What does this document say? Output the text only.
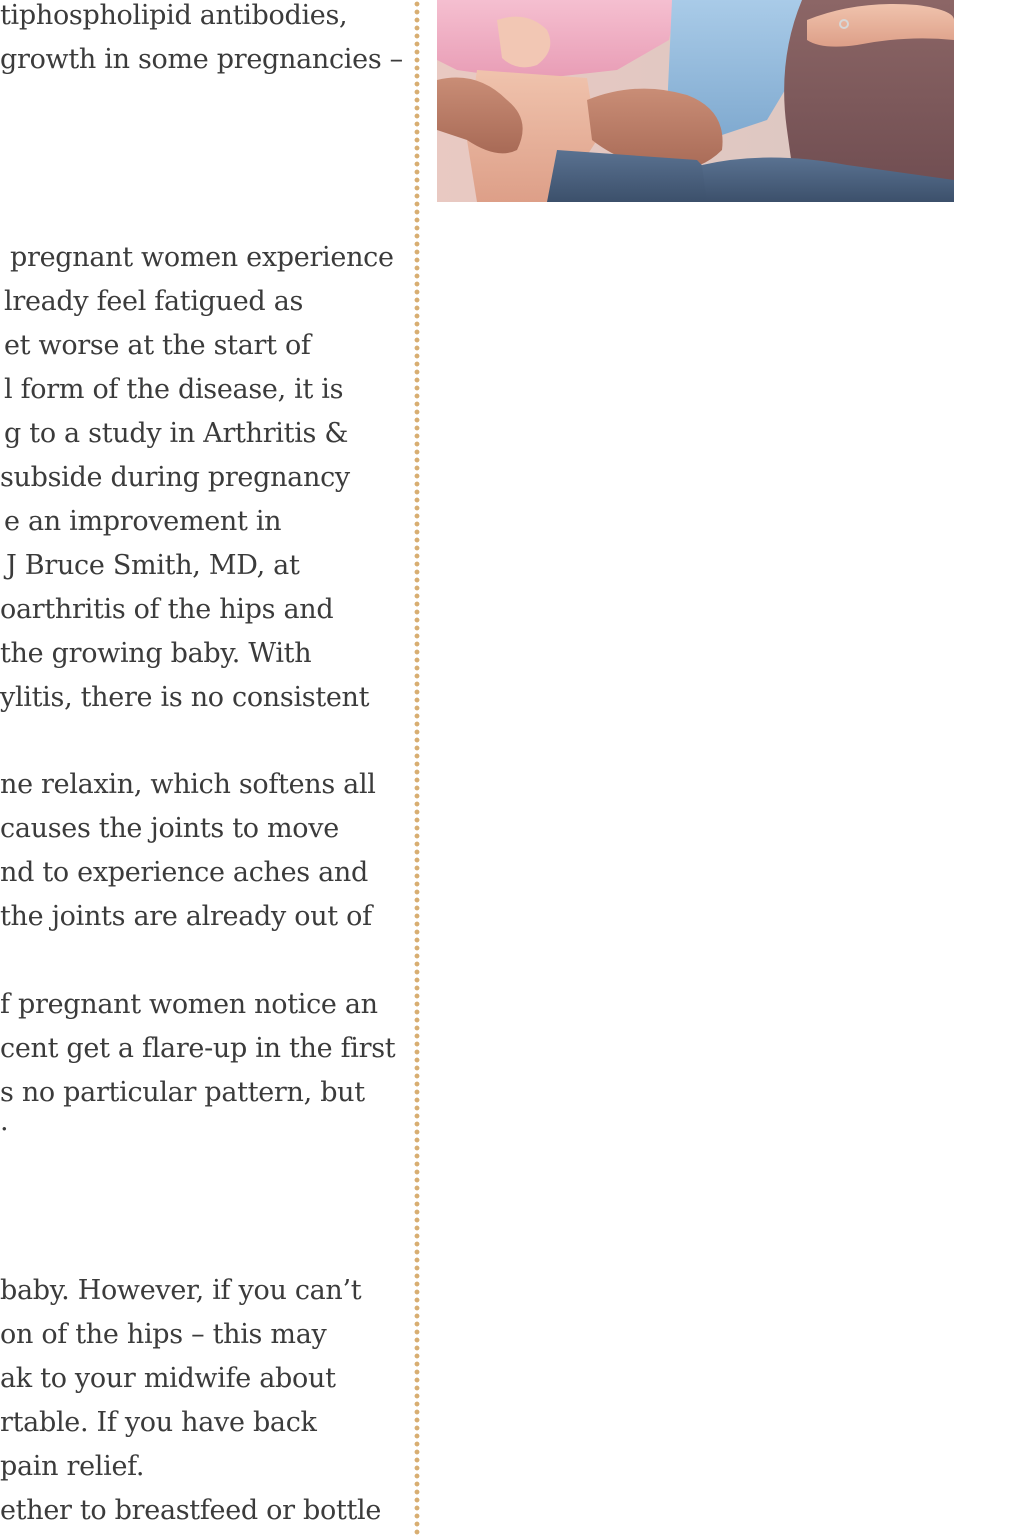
tiphospholipid antibodies,
growth in some pregnancies –
pregnant women experience
lready feel fatigued as
et worse at the start of
l form of the disease, it is
g to a study in Arthritis &
subside during pregnancy
e an improvement in
J Bruce Smith, MD, at
oarthritis of the hips and
the growing baby. With
ylitis, there is no consistent
ne relaxin, which softens all
causes the joints to move
nd to experience aches and
the joints are already out of
f pregnant women notice an
cent get a flare-up in the first
s no particular pattern, but
.
baby. However, if you can’t
on of the hips – this may
ak to your midwife about
rtable. If you have back
pain relief.
ether to breastfeed or bottle
